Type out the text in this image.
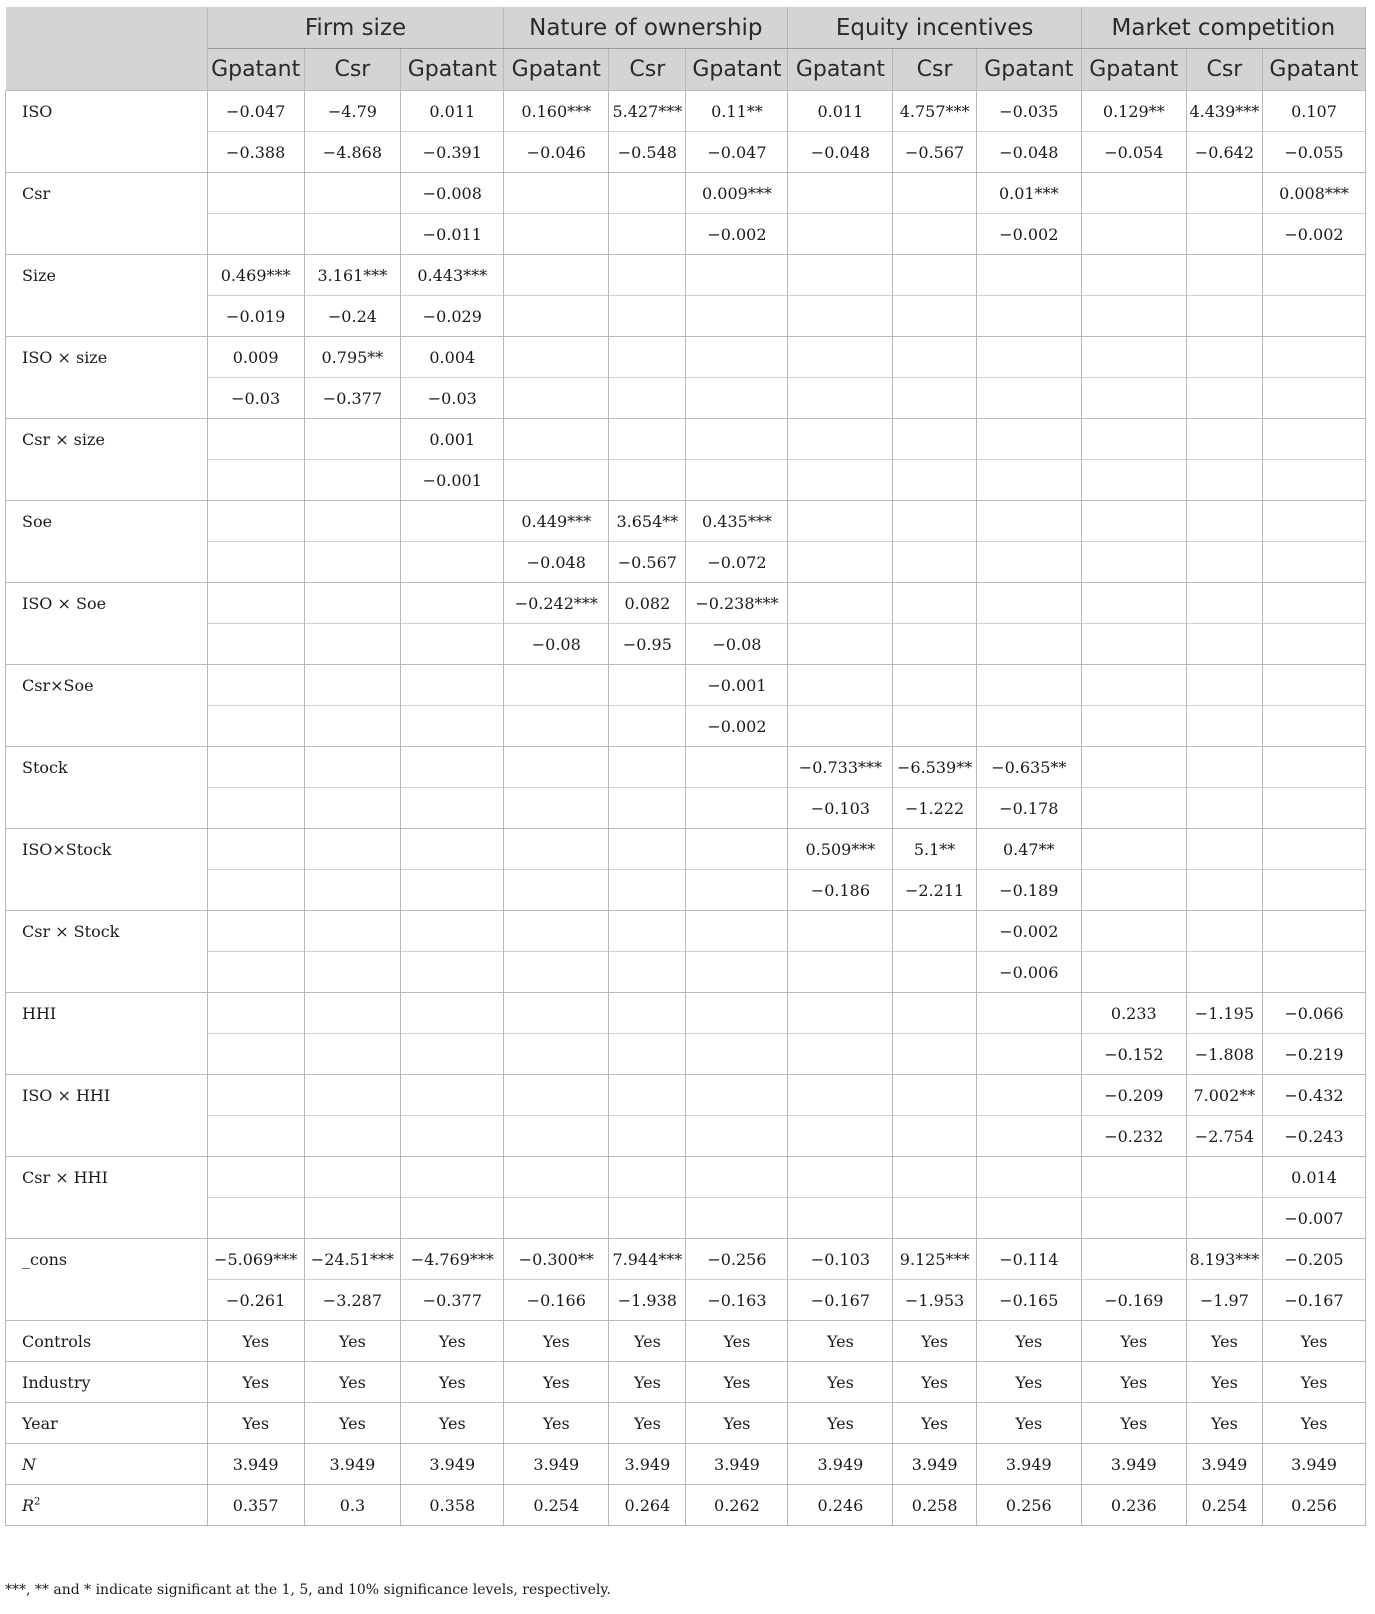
	Firm size			Nature of ownership			Equity incentives			Market competition		
	Gpatant	Csr	Gpatant	Gpatant	Csr	Gpatant	Gpatant	Csr	Gpatant	Gpatant	Csr	Gpatant
ISO	−0.047	−4.79	0.011	0.160***	5.427***	0.11**	0.011	4.757***	−0.035	0.129**	4.439***	0.107
	−0.388	−4.868	−0.391	−0.046	−0.548	−0.047	−0.048	−0.567	−0.048	−0.054	−0.642	−0.055
Csr			−0.008			0.009***			0.01***			0.008***
			−0.011			−0.002			−0.002			−0.002
Size	0.469***	3.161***	0.443***									
	−0.019	−0.24	−0.029									
ISO × size	0.009	0.795**	0.004									
	−0.03	−0.377	−0.03									
Csr × size			0.001									
			−0.001									
Soe				0.449***	3.654**	0.435***						
				−0.048	−0.567	−0.072						
ISO × Soe				−0.242***	0.082	−0.238***						
				−0.08	−0.95	−0.08						
Csr×Soe						−0.001						
						−0.002						
Stock							−0.733***	−6.539**	−0.635**			
							−0.103	−1.222	−0.178			
ISO×Stock							0.509***	5.1**	0.47**			
							−0.186	−2.211	−0.189			
Csr × Stock									−0.002			
									−0.006			
HHI										0.233	−1.195	−0.066
										−0.152	−1.808	−0.219
ISO × HHI										−0.209	7.002**	−0.432
										−0.232	−2.754	−0.243
Csr × HHI												0.014
												−0.007
_cons	−5.069***	−24.51***	−4.769***	−0.300**	7.944***	−0.256	−0.103	9.125***	−0.114		8.193***	−0.205
	−0.261	−3.287	−0.377	−0.166	−1.938	−0.163	−0.167	−1.953	−0.165	−0.169	−1.97	−0.167
Controls	Yes	Yes	Yes	Yes	Yes	Yes	Yes	Yes	Yes	Yes	Yes	Yes
Industry	Yes	Yes	Yes	Yes	Yes	Yes	Yes	Yes	Yes	Yes	Yes	Yes
Year	Yes	Yes	Yes	Yes	Yes	Yes	Yes	Yes	Yes	Yes	Yes	Yes
N	3.949	3.949	3.949	3.949	3.949	3.949	3.949	3.949	3.949	3.949	3.949	3.949
$R^2$	0.357	0.3	0.358	0.254	0.264	0.262	0.246	0.258	0.256	0.236	0.254	0.256
***, ** and * indicate significant at the 1, 5, and 10% significance levels, respectively.
